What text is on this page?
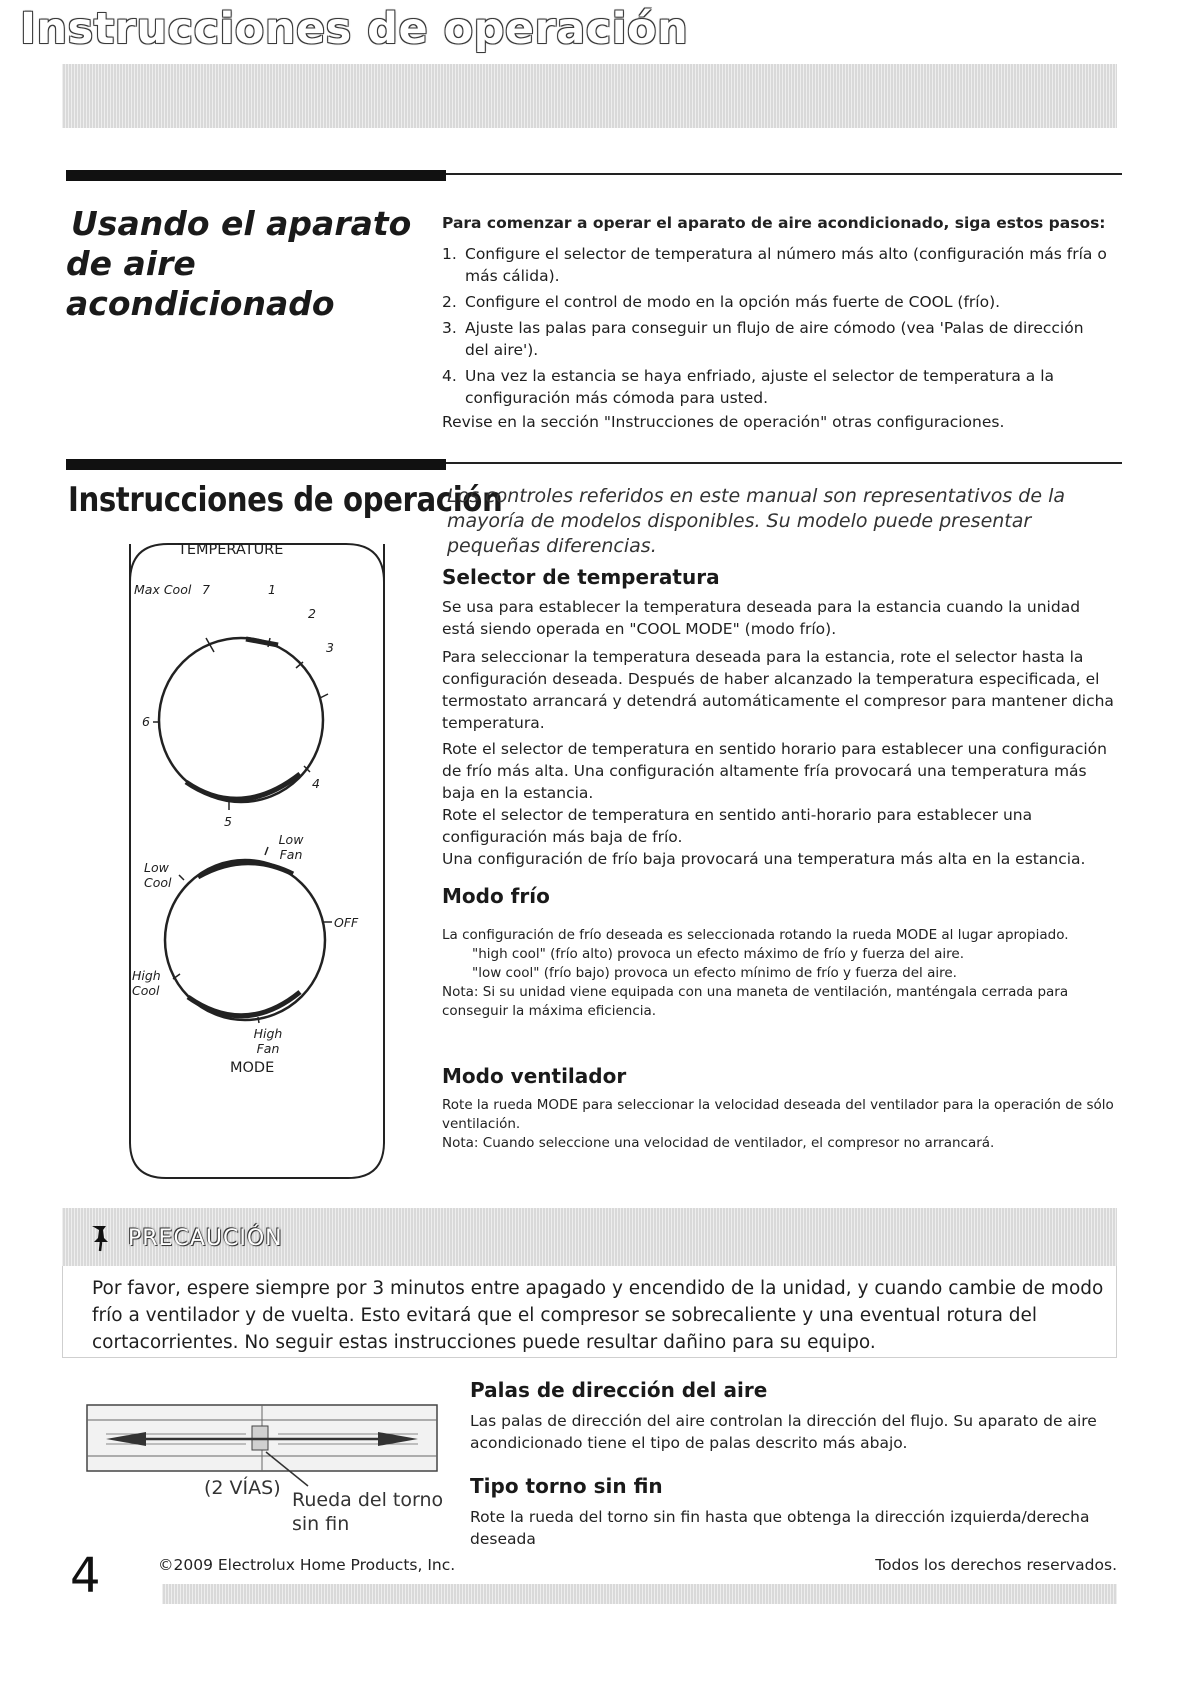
Instrucciones de operación
Usando el aparato
de aire acondicionado
Para comenzar a operar el aparato de aire acondicionado, siga estos pasos:
1. Configure el selector de temperatura al número más alto (configuración más fría o más cálida).
2. Configure el control de modo en la opción más fuerte de COOL (frío).
3. Ajuste las palas para conseguir un flujo de aire cómodo (vea 'Palas de dirección del aire').
4. Una vez la estancia se haya enfriado, ajuste el selector de temperatura a la configuración más cómoda para usted.
Revise en la sección "Instrucciones de operación" otras configuraciones.
Instrucciones de operación
Los controles referidos en este manual son representativos de la mayoría de modelos disponibles. Su modelo puede presentar pequeñas diferencias.
TEMPERATURE
Max Cool 7	1
2
3
4
5
6
Low Fan
Low Cool
OFF
High Cool
High Fan
MODE
Selector de temperatura
Se usa para establecer la temperatura deseada para la estancia cuando la unidad está siendo operada en "COOL MODE" (modo frío).
Para seleccionar la temperatura deseada para la estancia, rote el selector hasta la configuración deseada. Después de haber alcanzado la temperatura especificada, el termostato arrancará y detendrá automáticamente el compresor para mantener dicha temperatura.
Rote el selector de temperatura en sentido horario para establecer una configuración de frío más alta. Una configuración altamente fría provocará una temperatura más baja en la estancia.
Rote el selector de temperatura en sentido anti-horario para establecer una configuración más baja de frío.
Una configuración de frío baja provocará una temperatura más alta en la estancia.
Modo frío
La configuración de frío deseada es seleccionada rotando la rueda MODE al lugar apropiado.
"high cool" (frío alto) provoca un efecto máximo de frío y fuerza del aire.
"low cool" (frío bajo) provoca un efecto mínimo de frío y fuerza del aire.
Nota: Si su unidad viene equipada con una maneta de ventilación, manténgala cerrada para conseguir la máxima eficiencia.
Modo ventilador
Rote la rueda MODE para seleccionar la velocidad deseada del ventilador para la operación de sólo ventilación.
Nota: Cuando seleccione una velocidad de ventilador, el compresor no arrancará.
PRECAUCIÓN
Por favor, espere siempre por 3 minutos entre apagado y encendido de la unidad, y cuando cambie de modo frío a ventilador y de vuelta. Esto evitará que el compresor se sobrecaliente y una eventual rotura del cortacorrientes. No seguir estas instrucciones puede resultar dañino para su equipo.
Palas de dirección del aire
Las palas de dirección del aire controlan la dirección del flujo. Su aparato de aire acondicionado tiene el tipo de palas descrito más abajo.
(2 VÍAS)
Rueda del torno
sin fin
Tipo torno sin fin
Rote la rueda del torno sin fin hasta que obtenga la dirección izquierda/derecha deseada
4	©2009 Electrolux Home Products, Inc.	Todos los derechos reservados.
